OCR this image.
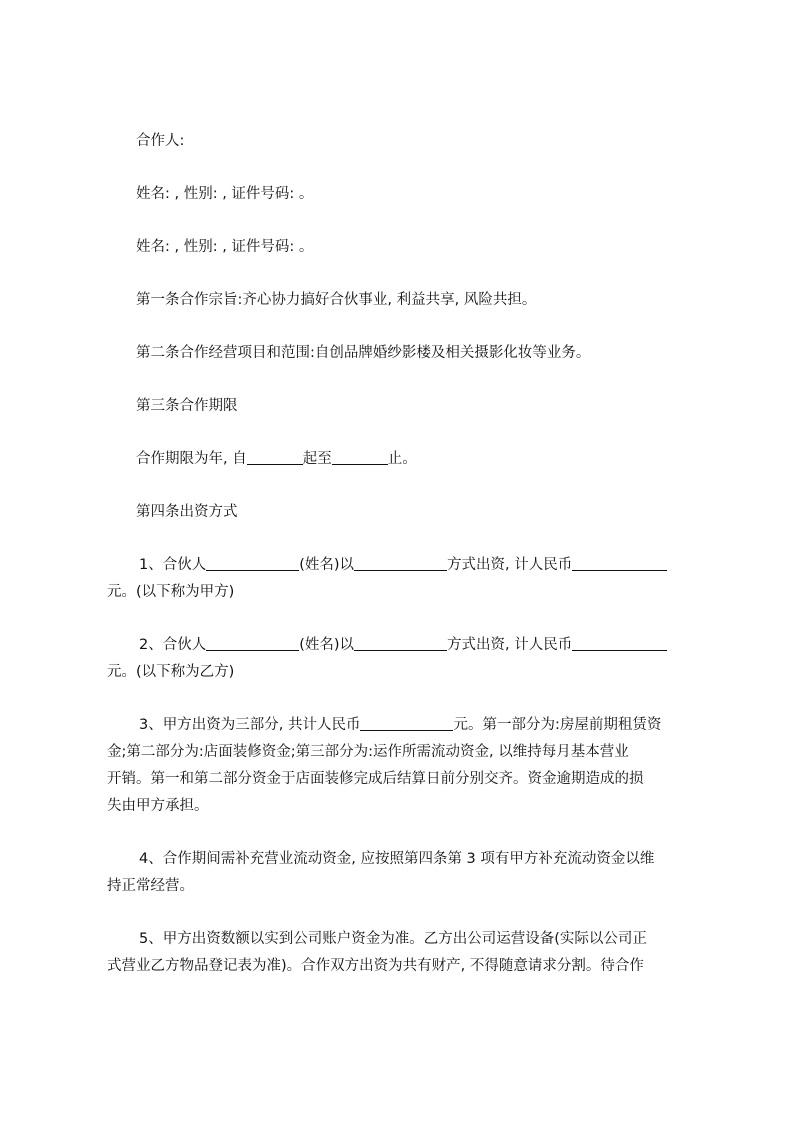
合作人:

姓名: , 性别: , 证件号码: 。

姓名: , 性别: , 证件号码: 。

第一条合作宗旨:齐心协力搞好合伙事业, 利益共享, 风险共担。

第二条合作经营项目和范围:自创品牌婚纱影楼及相关摄影化妆等业务。

第三条合作期限

合作期限为年, 自	起至	止。

第四条出资方式

1、合伙人	(姓名)以	方式出资, 计人民币

元。(以下称为甲方)

2、合伙人	(姓名)以	方式出资, 计人民币

元。(以下称为乙方)

3、甲方出资为三部分, 共计人民币	元。第一部分为:房屋前期租赁资

金;第二部分为:店面装修资金;第三部分为:运作所需流动资金, 以维持每月基本营业

开销。第一和第二部分资金于店面装修完成后结算日前分别交齐。资金逾期造成的损

失由甲方承担。

4、合作期间需补充营业流动资金, 应按照第四条第 3 项有甲方补充流动资金以维

持正常经营。

5、甲方出资数额以实到公司账户资金为准。乙方出公司运营设备(实际以公司正

式营业乙方物品登记表为准)。合作双方出资为共有财产, 不得随意请求分割。待合作
